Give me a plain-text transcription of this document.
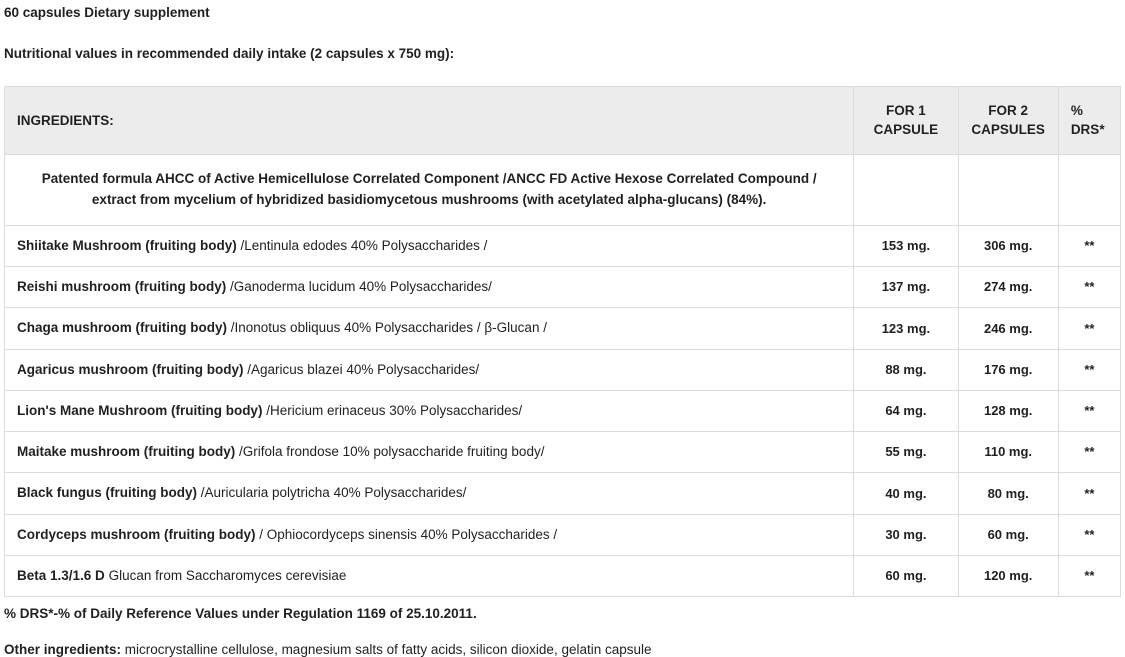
60 capsules Dietary supplement
Nutritional values in recommended daily intake (2 capsules x 750 mg):
INGREDIENTS:	FOR 1 CAPSULE	FOR 2 CAPSULES	% DRS*
Patented formula AHCC of Active Hemicellulose Correlated Component /ANCC FD Active Hexose Correlated Compound / extract from mycelium of hybridized basidiomycetous mushrooms (with acetylated alpha-glucans) (84%).			
Shiitake Mushroom (fruiting body) /Lentinula edodes 40% Polysaccharides /	153 mg.	306 mg.	**
Reishi mushroom (fruiting body) /Ganoderma lucidum 40% Polysaccharides/	137 mg.	274 mg.	**
Chaga mushroom (fruiting body) /Inonotus obliquus 40% Polysaccharides / β-Glucan /	123 mg.	246 mg.	**
Agaricus mushroom (fruiting body) /Agaricus blazei 40% Polysaccharides/	88 mg.	176 mg.	**
Lion's Mane Mushroom (fruiting body) /Hericium erinaceus 30% Polysaccharides/	64 mg.	128 mg.	**
Maitake mushroom (fruiting body) /Grifola frondose 10% polysaccharide fruiting body/	55 mg.	110 mg.	**
Black fungus (fruiting body) /Auricularia polytricha 40% Polysaccharides/	40 mg.	80 mg.	**
Cordyceps mushroom (fruiting body) / Ophiocordyceps sinensis 40% Polysaccharides /	30 mg.	60 mg.	**
Beta 1.3/1.6 D Glucan from Saccharomyces cerevisiae	60 mg.	120 mg.	**
% DRS*-% of Daily Reference Values under Regulation 1169 of 25.10.2011.
Other ingredients: microcrystalline cellulose, magnesium salts of fatty acids, silicon dioxide, gelatin capsule
